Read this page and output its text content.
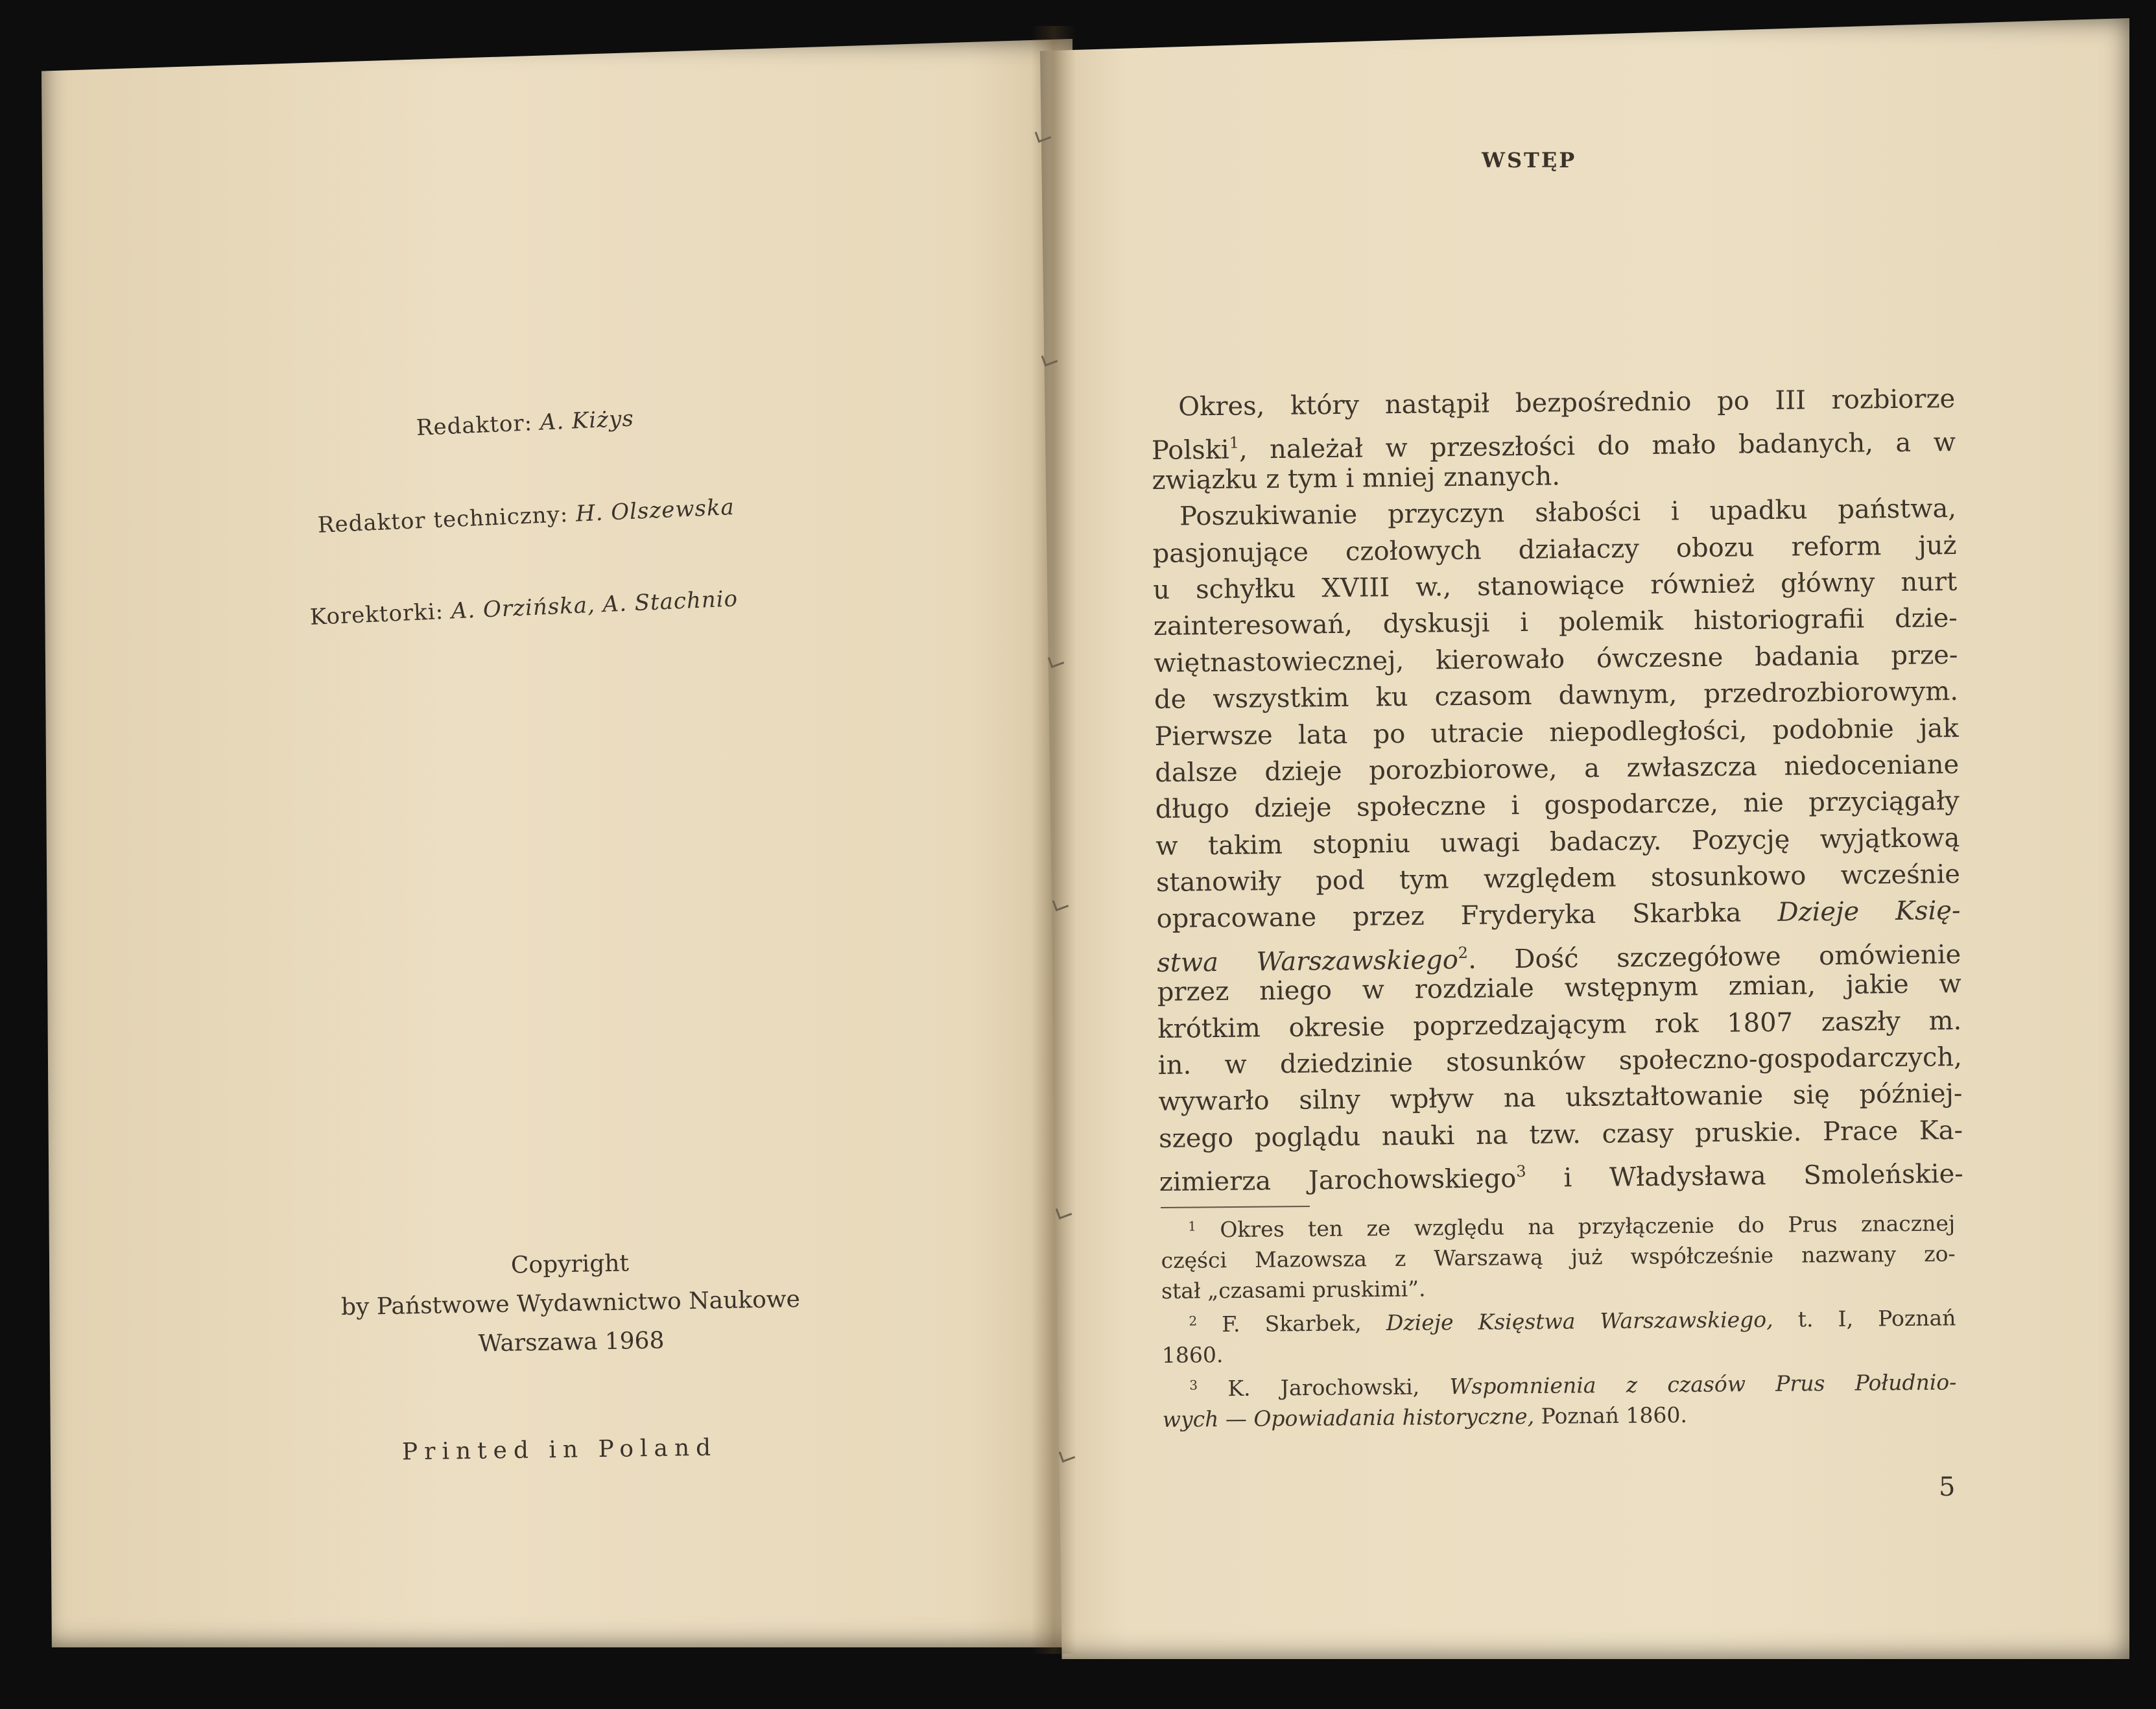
Redaktor: A. Kiżys
Redaktor techniczny: H. Olszewska
Korektorki: A. Orzińska, A. Stachnio
Copyright
by Państwowe Wydawnictwo Naukowe
Warszawa 1968
Printed in Poland
WSTĘP
Okres, który nastąpił bezpośrednio po III rozbiorze
Polski$^1$, należał w przeszłości do mało badanych, a w
związku z tym i mniej znanych.
Poszukiwanie przyczyn słabości i upadku państwa,
pasjonujące czołowych działaczy obozu reform już
u schyłku XVIII w., stanowiące również główny nurt
zainteresowań, dyskusji i polemik historiografii dzie-
więtnastowiecznej, kierowało ówczesne badania prze-
de wszystkim ku czasom dawnym, przedrozbiorowym.
Pierwsze lata po utracie niepodległości, podobnie jak
dalsze dzieje porozbiorowe, a zwłaszcza niedoceniane
długo dzieje społeczne i gospodarcze, nie przyciągały
w takim stopniu uwagi badaczy. Pozycję wyjątkową
stanowiły pod tym względem stosunkowo wcześnie
opracowane przez Fryderyka Skarbka Dzieje Księ-
stwa Warszawskiego$^2$. Dość szczegółowe omówienie
przez niego w rozdziale wstępnym zmian, jakie w
krótkim okresie poprzedzającym rok 1807 zaszły m.
in. w dziedzinie stosunków społeczno-gospodarczych,
wywarło silny wpływ na ukształtowanie się później-
szego poglądu nauki na tzw. czasy pruskie. Prace Ka-
zimierza Jarochowskiego$^3$ i Władysława Smoleńskie-
$^1$ Okres ten ze względu na przyłączenie do Prus znacznej
części Mazowsza z Warszawą już współcześnie nazwany zo-
stał „czasami pruskimi”.
$^2$ F. Skarbek, Dzieje Księstwa Warszawskiego, t. I, Poznań
1860.
$^3$ K. Jarochowski, Wspomnienia z czasów Prus Południo-
wych — Opowiadania historyczne, Poznań 1860.
5
